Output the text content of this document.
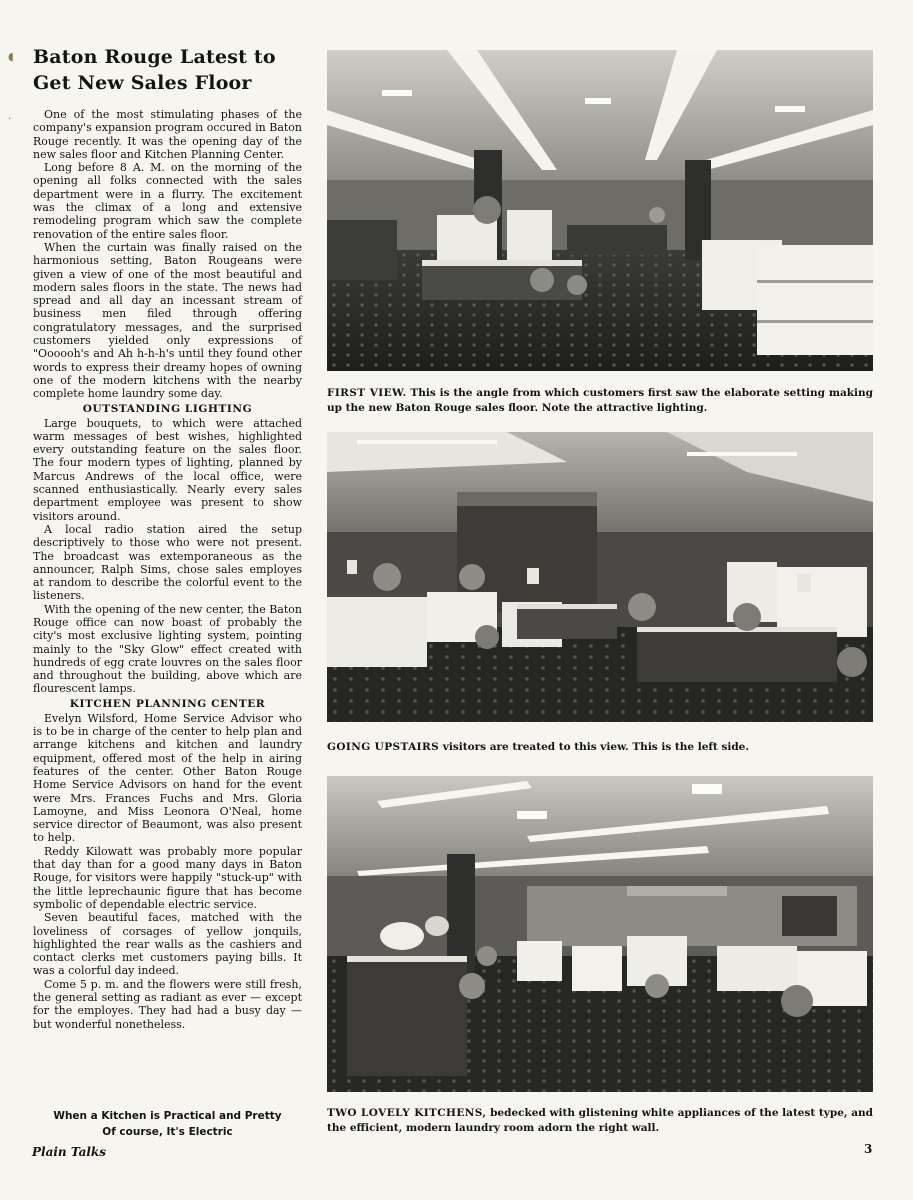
◖
·
Baton Rouge Latest to
Get New Sales Floor

One of the most stimulating phases of the company's expansion program occured in Baton Rouge recently. It was the opening day of the new sales floor and Kitchen Planning Center.

Long before 8 A. M. on the morning of the opening all folks connected with the sales department were in a flurry. The excitement was the climax of a long and extensive remodeling program which saw the complete renovation of the entire sales floor.

When the curtain was finally raised on the harmonious setting, Baton Rougeans were given a view of one of the most beautiful and modern sales floors in the state. The news had spread and all day an incessant stream of business men filed through offering congratulatory messages, and the surprised customers yielded only expressions of "Oooooh's and Ah h-h-h's until they found other words to express their dreamy hopes of owning one of the modern kitchens with the nearby complete home laundry some day.

OUTSTANDING LIGHTING

Large bouquets, to which were attached warm messages of best wishes, highlighted every outstanding feature on the sales floor. The four modern types of lighting, planned by Marcus Andrews of the local office, were scanned enthusiastically. Nearly every sales department employee was present to show visitors around.

A local radio station aired the setup descriptively to those who were not present. The broadcast was extemporaneous as the announcer, Ralph Sims, chose sales employes at random to describe the colorful event to the listeners.

With the opening of the new center, the Baton Rouge office can now boast of probably the city's most exclusive lighting system, pointing mainly to the "Sky Glow" effect created with hundreds of egg crate louvres on the sales floor and throughout the building, above which are flourescent lamps.

KITCHEN PLANNING CENTER

Evelyn Wilsford, Home Service Advisor who is to be in charge of the center to help plan and arrange kitchens and kitchen and laundry equipment, offered most of the help in airing features of the center. Other Baton Rouge Home Service Advisors on hand for the event were Mrs. Frances Fuchs and Mrs. Gloria Lamoyne, and Miss Leonora O'Neal, home service director of Beaumont, was also present to help.

Reddy Kilowatt was probably more popular that day than for a good many days in Baton Rouge, for visitors were happily "stuck-up" with the little leprechaunic figure that has become symbolic of dependable electric service.

Seven beautiful faces, matched with the loveliness of corsages of yellow jonquils, highlighted the rear walls as the cashiers and contact clerks met customers paying bills. It was a colorful day indeed.

Come 5 p. m. and the flowers were still fresh, the general setting as radiant as ever — except for the employes. They had had a busy day — but wonderful nonetheless.

When a Kitchen is Practical and Pretty
Of course, It's Electric
Plain Talks	3
FIRST VIEW. This is the angle from which customers first saw the elaborate setting making up the new Baton Rouge sales floor. Note the attractive lighting.
GOING UPSTAIRS visitors are treated to this view. This is the left side.
TWO LOVELY KITCHENS, bedecked with glistening white appliances of the latest type, and the efficient, modern laundry room adorn the right wall.
